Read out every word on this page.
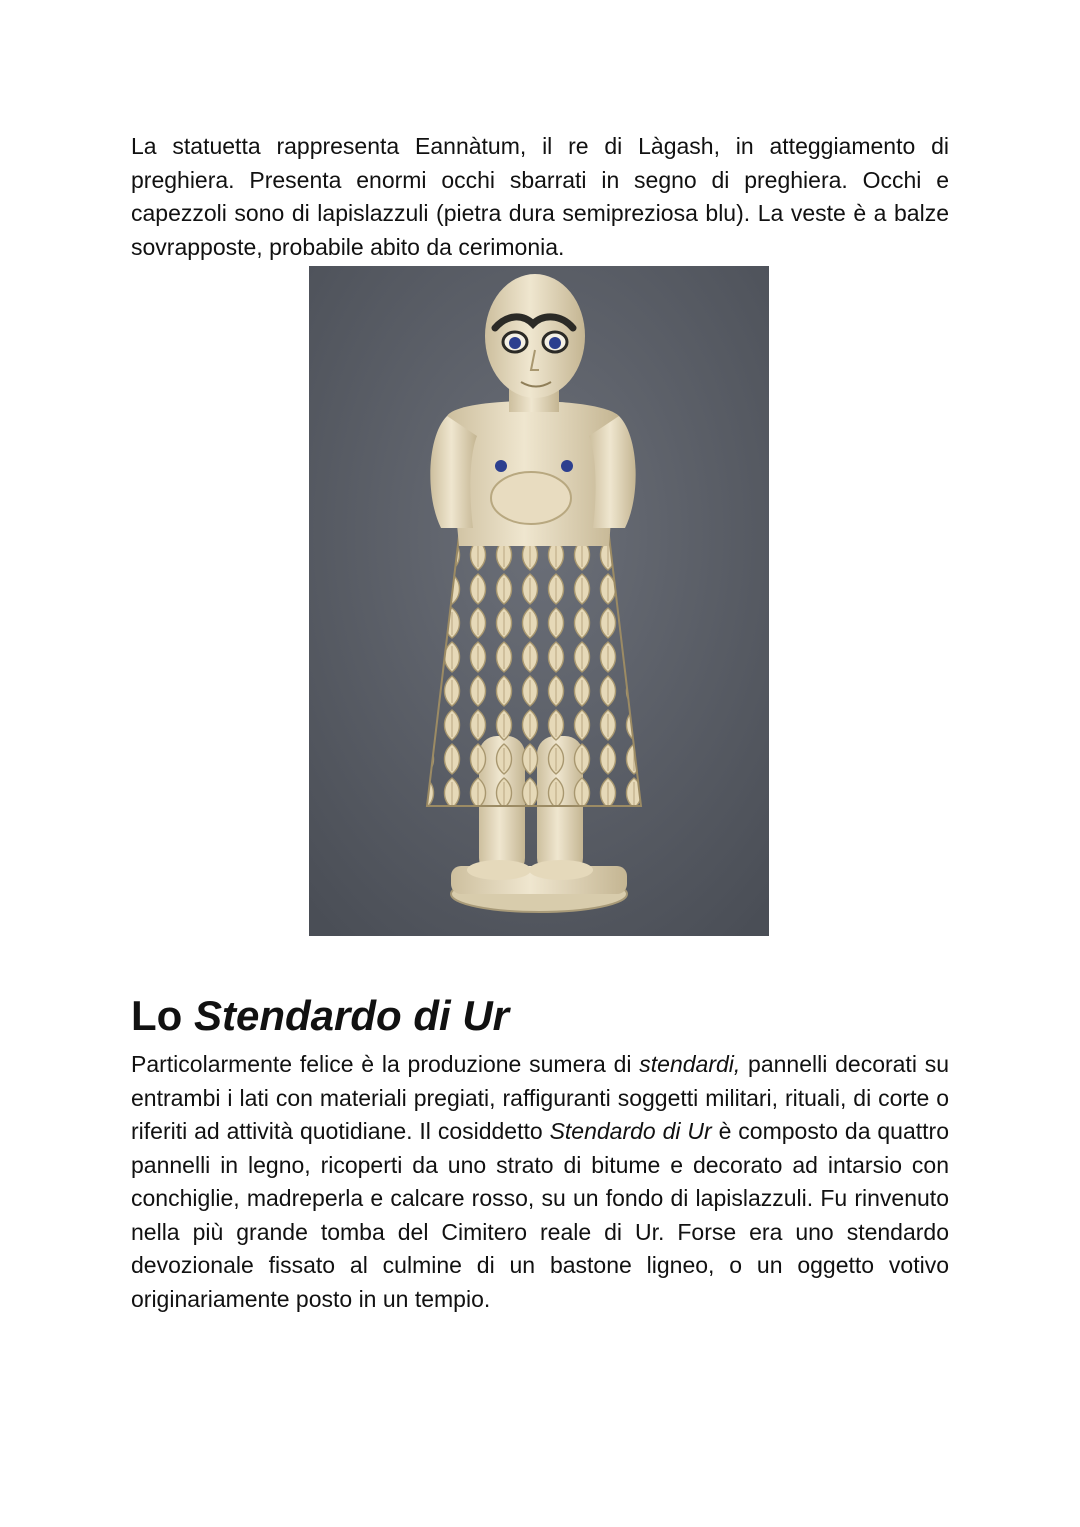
La statuetta rappresenta Eannàtum, il re di Làgash, in atteggiamento di preghiera. Presenta enormi occhi sbarrati in segno di preghiera. Occhi e capezzoli sono di lapislazzuli (pietra dura semipreziosa blu). La veste è a balze sovrapposte, probabile abito da cerimonia.

Lo Stendardo di Ur

Particolarmente felice è la produzione sumera di stendardi, pannelli decorati su entrambi i lati con materiali pregiati, raffiguranti soggetti militari, rituali, di corte o riferiti ad attività quotidiane. Il cosiddetto Stendardo di Ur è composto da quattro pannelli in legno, ricoperti da uno strato di bitume e decorato ad intarsio con conchiglie, madreperla e calcare rosso, su un fondo di lapislazzuli. Fu rinvenuto nella più grande tomba del Cimitero reale di Ur. Forse era uno stendardo devozionale fissato al culmine di un bastone ligneo, o un oggetto votivo originariamente posto in un tempio.
